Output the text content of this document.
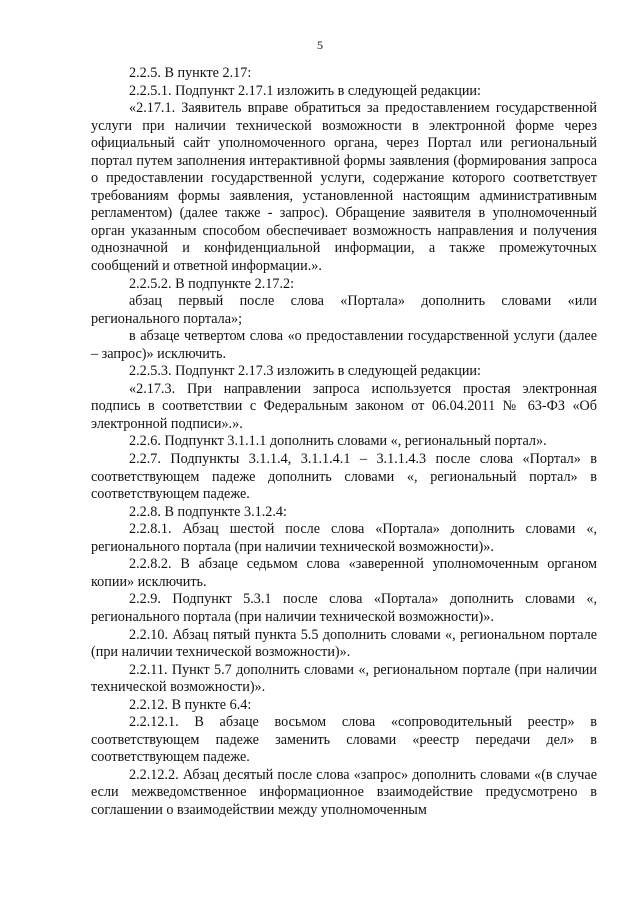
5

2.2.5. В пункте 2.17:

2.2.5.1. Подпункт 2.17.1 изложить в следующей редакции:

«2.17.1. Заявитель вправе обратиться за предоставлением государственной услуги при наличии технической возможности в электронной форме через официальный сайт уполномоченного органа, через Портал или региональный портал путем заполнения интерактивной формы заявления (формирования запроса о предоставлении государственной услуги, содержание которого соответствует требованиям формы заявления, установленной настоящим административным регламентом) (далее также - запрос). Обращение заявителя в уполномоченный орган указанным способом обеспечивает возможность направления и получения однозначной и конфиденциальной информации, а также промежуточных сообщений и ответной информации.».

2.2.5.2. В подпункте 2.17.2:

абзац первый после слова «Портала» дополнить словами «или регионального портала»;

в абзаце четвертом слова «о предоставлении государственной услуги (далее – запрос)» исключить.

2.2.5.3. Подпункт 2.17.3 изложить в следующей редакции:

«2.17.3. При направлении запроса используется простая электронная подпись в соответствии с Федеральным законом от 06.04.2011 № 63-ФЗ «Об электронной подписи».».

2.2.6. Подпункт 3.1.1.1 дополнить словами «, региональный портал».

2.2.7. Подпункты 3.1.1.4, 3.1.1.4.1 – 3.1.1.4.3 после слова «Портал» в соответствующем падеже дополнить словами «, региональный портал» в соответствующем падеже.

2.2.8. В подпункте 3.1.2.4:

2.2.8.1. Абзац шестой после слова «Портала» дополнить словами «, регионального портала (при наличии технической возможности)».

2.2.8.2. В абзаце седьмом слова «заверенной уполномоченным органом копии» исключить.

2.2.9. Подпункт 5.3.1 после слова «Портала» дополнить словами «, регионального портала (при наличии технической возможности)».

2.2.10. Абзац пятый пункта 5.5 дополнить словами «, региональном портале (при наличии технической возможности)».

2.2.11. Пункт 5.7 дополнить словами «, региональном портале (при наличии технической возможности)».

2.2.12. В пункте 6.4:

2.2.12.1. В абзаце восьмом слова «сопроводительный реестр» в соответствующем падеже заменить словами «реестр передачи дел» в соответствующем падеже.

2.2.12.2. Абзац десятый после слова «запрос» дополнить словами «(в случае если межведомственное информационное взаимодействие предусмотрено в соглашении о взаимодействии между уполномоченным
